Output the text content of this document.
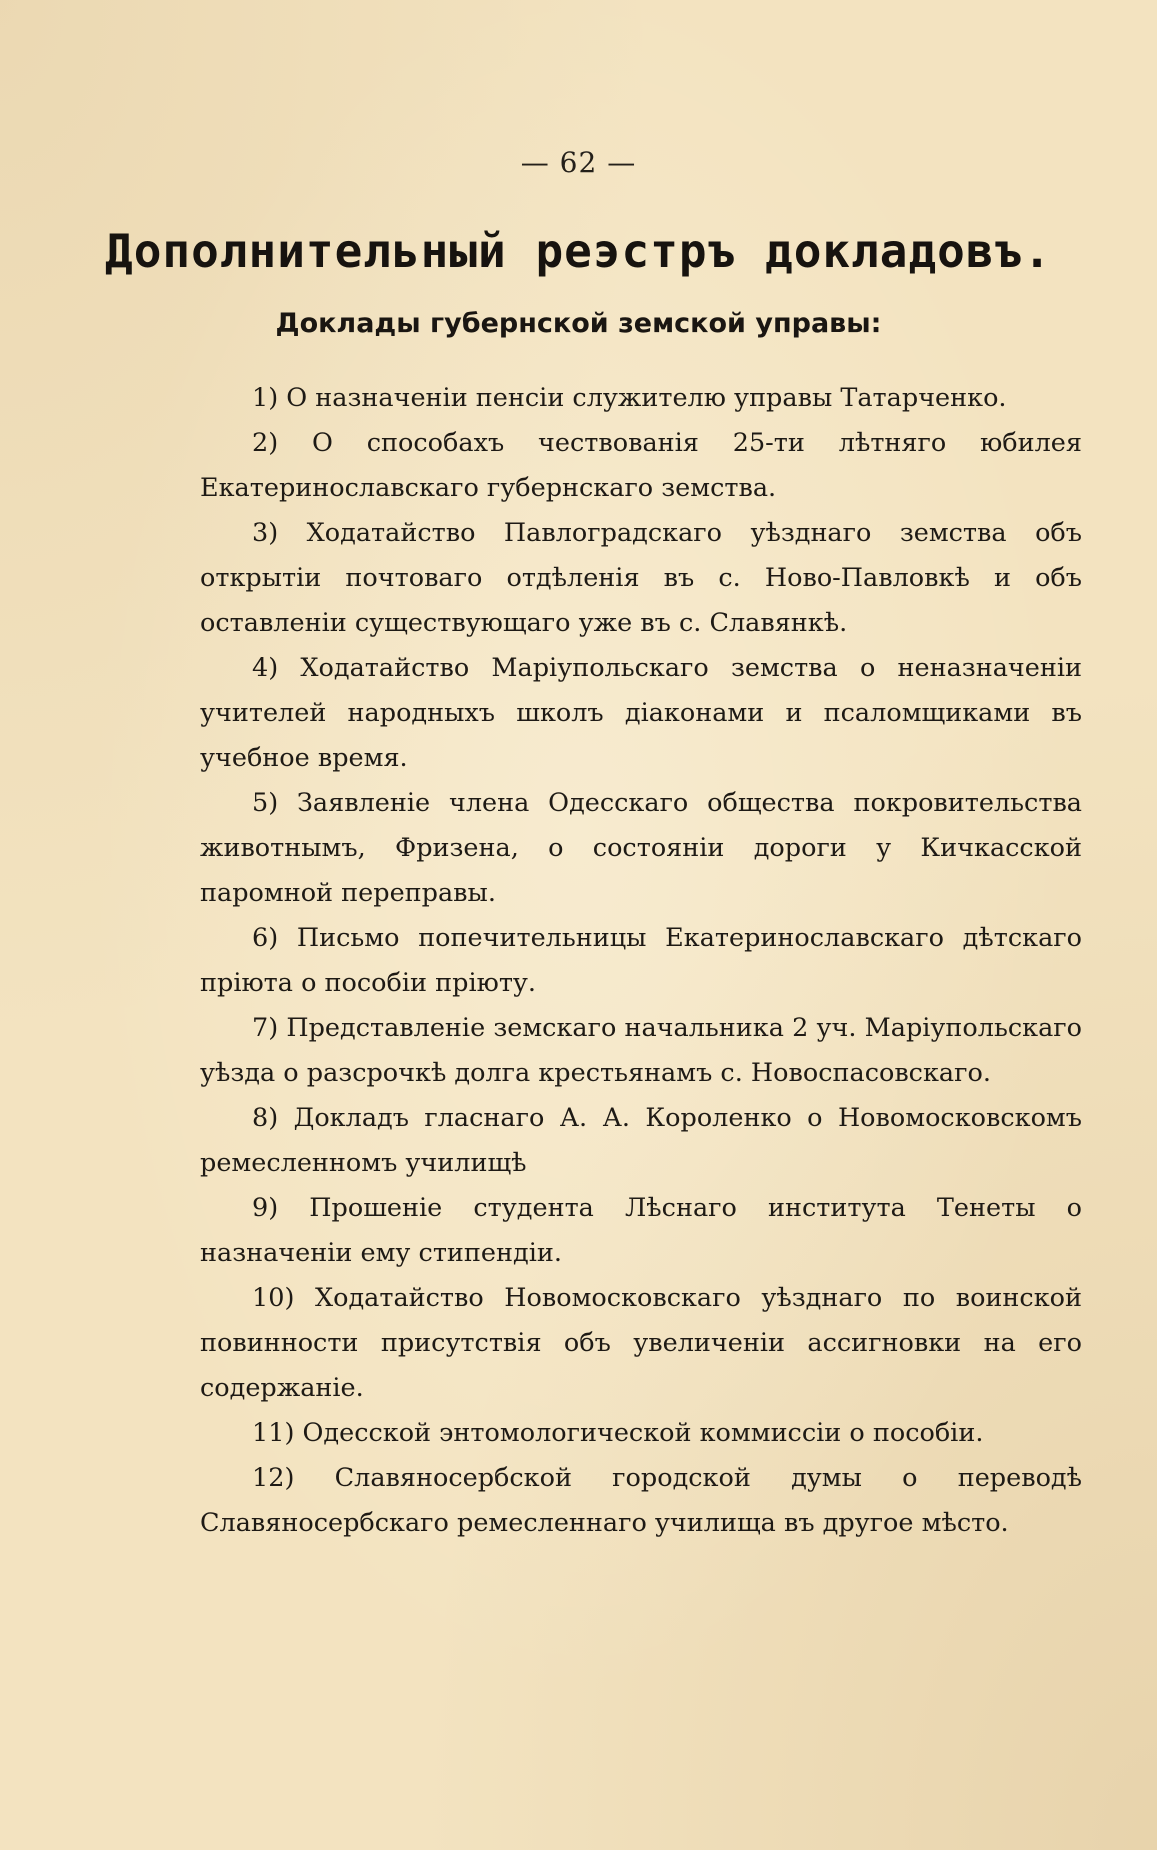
— 62 —
Дополнительный реэстръ докладовъ.
Доклады губернской земской управы:

1) О назначеніи пенсіи служителю управы Татарченко.

2) О способахъ чествованія 25-ти лѣтняго юбилея Екатеринославскаго губернскаго земства.

3) Ходатайство Павлоградскаго уѣзднаго земства объ открытіи почтоваго отдѣленія въ с. Ново-Павловкѣ и объ оставленіи существующаго уже въ с. Славянкѣ.

4) Ходатайство Маріупольскаго земства о неназначеніи учителей народныхъ школъ діаконами и псаломщиками въ учебное время.

5) Заявленіе члена Одесскаго общества покровительства животнымъ, Фризена, о состояніи дороги у Кичкасской паромной переправы.

6) Письмо попечительницы Екатеринославскаго дѣтскаго пріюта о пособіи пріюту.

7) Представленіе земскаго начальника 2 уч. Маріупольскаго уѣзда о разсрочкѣ долга крестьянамъ с. Новоспасовскаго.

8) Докладъ гласнаго А. А. Короленко о Новомосковскомъ ремесленномъ училищѣ

9) Прошеніе студента Лѣснаго института Тенеты о назначеніи ему стипендіи.

10) Ходатайство Новомосковскаго уѣзднаго по воинской повинности присутствія объ увеличеніи ассигновки на его содержаніе.

11) Одесской энтомологической коммиссіи о пособіи.

12) Славяносербской городской думы о переводѣ Славяносербскаго ремесленнаго училища въ другое мѣсто.
